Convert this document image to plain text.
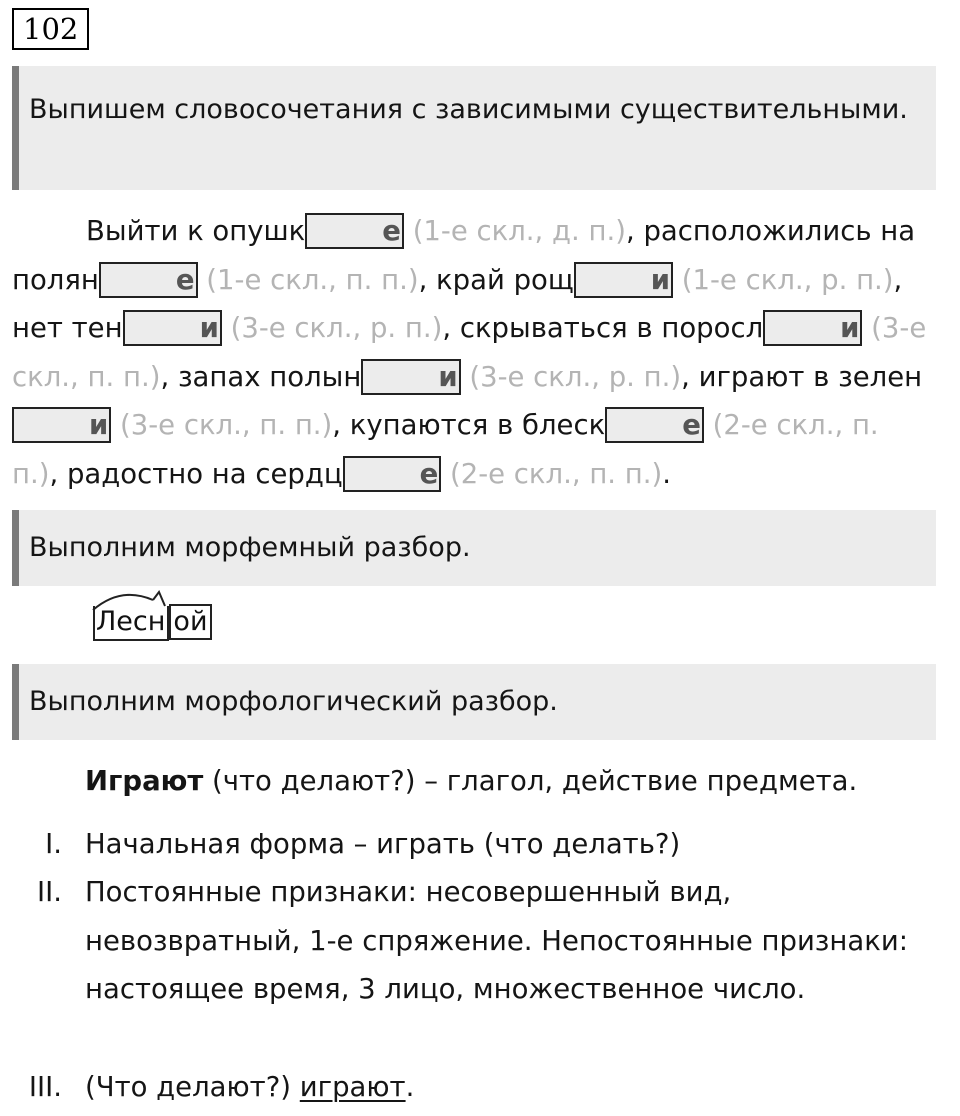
102
Выпишем словосочетания с зависимыми существительными.
Выйти к опушк	е (1-е скл., д. п.), расположились на полян	е (1-е скл., п. п.), край рощ	и (1-е скл., р. п.), нет тен	и (3-е скл., р. п.), скрываться в поросл	и (3-е скл., п. п.), запах полын	и (3-е скл., р. п.), играют в зелени (3-е скл., п. п.), купаются в блеск	е (2-е скл., п. п.), радостно на сердц	е (2-е скл., п. п.).
Выполним морфемный разбор.
Лесн ой
Выполним морфологический разбор.
Играют (что делают?) – глагол, действие предмета.
I. Начальная форма – играть (что делать?)
II. Постоянные признаки: несовершенный вид, невозвратный, 1-е спряжение. Непостоянные признаки: настоящее время, 3 лицо, множественное число.
III. (Что делают?) играют.
